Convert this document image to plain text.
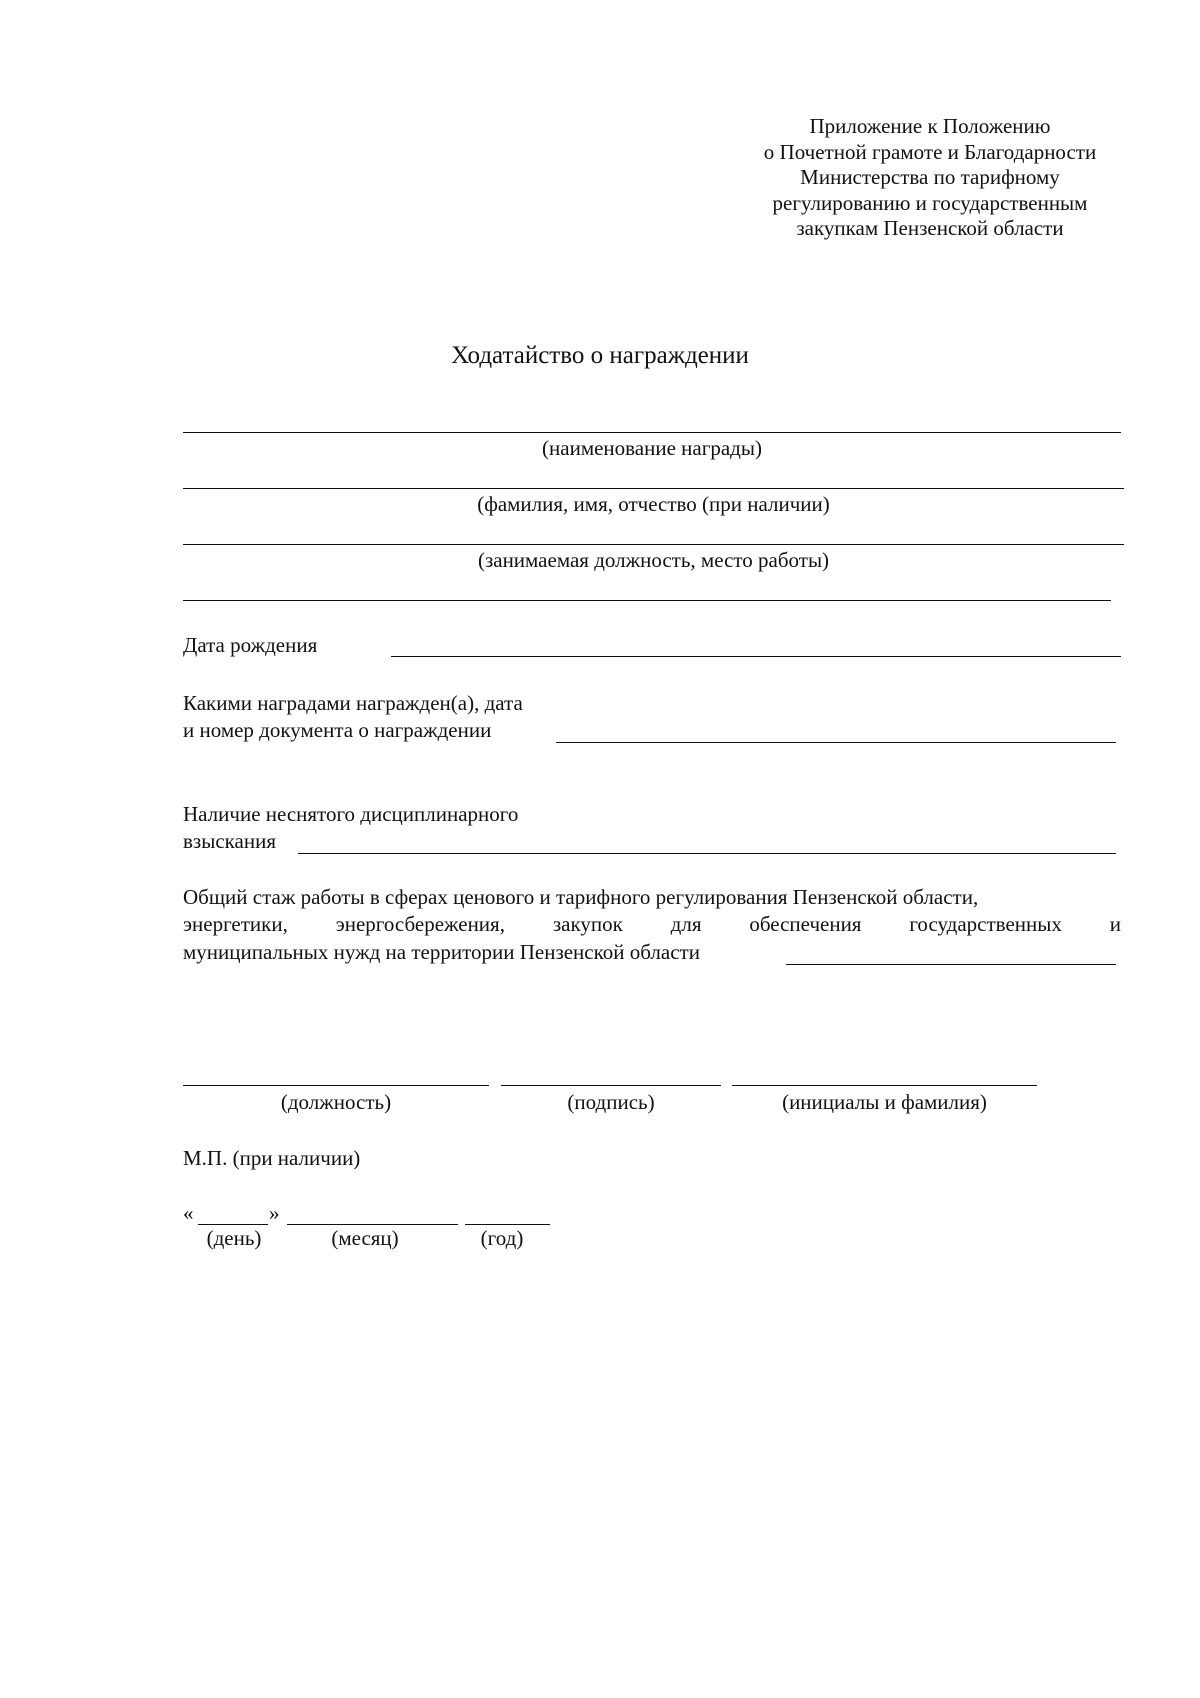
Приложение к Положению
о Почетной грамоте и Благодарности
Министерства по тарифному
регулированию и государственным
закупкам Пензенской области
Ходатайство о награждении
(наименование награды)
(фамилия, имя, отчество (при наличии)
(занимаемая должность, место работы)
Дата рождения
Какими наградами награжден(а), дата
и номер документа о награждении
Наличие неснятого дисциплинарного
взыскания
Общий стаж работы в сферах ценового и тарифного регулирования Пензенской области,
энергетики, энергосбережения, закупок для обеспечения государственных и
муниципальных нужд на территории Пензенской области
(должность)	(подпись)	(инициалы и фамилия)
М.П. (при наличии)
«	»
(день)	(месяц)	(год)
